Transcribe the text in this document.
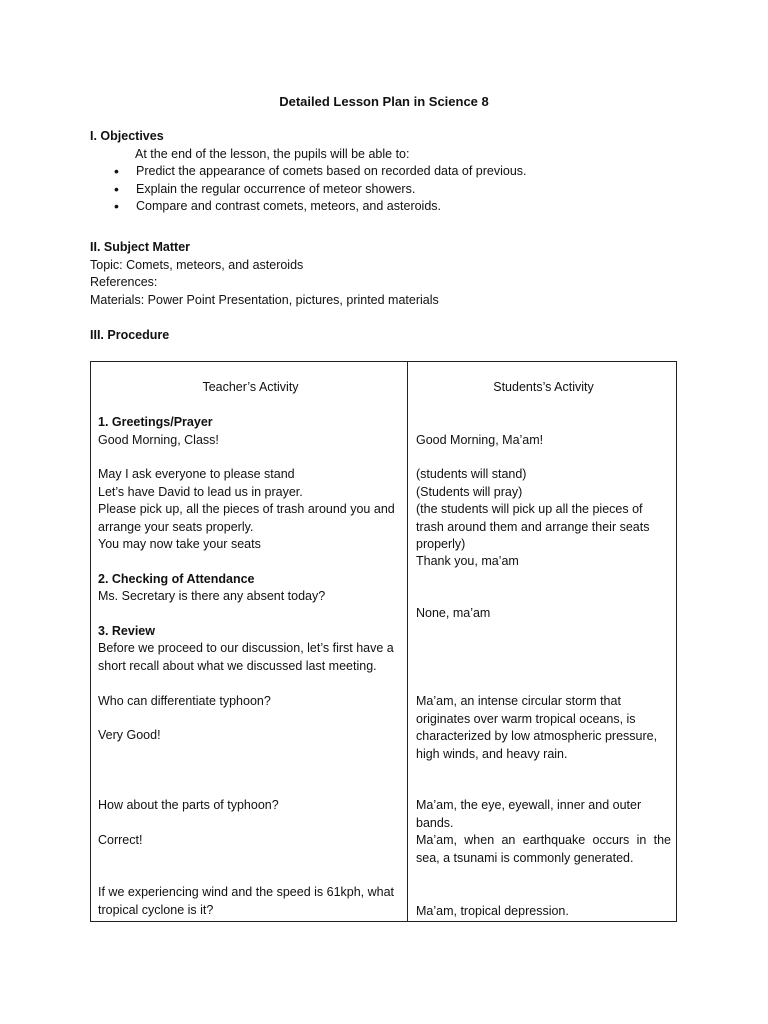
Detailed Lesson Plan in Science 8
I. Objectives
At the end of the lesson, the pupils will be able to:
• Predict the appearance of comets based on recorded data of previous.
• Explain the regular occurrence of meteor showers.
• Compare and contrast comets, meteors, and asteroids.
II. Subject Matter
Topic: Comets, meteors, and asteroids
References:
Materials: Power Point Presentation, pictures, printed materials
III. Procedure
Teacher’s Activity	Students’s Activity
1. Greetings/Prayer
Good Morning, Class!
May I ask everyone to please stand
Let’s have David to lead us in prayer.
Please pick up, all the pieces of trash around you and arrange your seats properly.
You may now take your seats
2. Checking of Attendance
Ms. Secretary is there any absent today?
3. Review
Before we proceed to our discussion, let’s first have a short recall about what we discussed last meeting.
Who can differentiate typhoon?
Very Good!
How about the parts of typhoon?
Correct!
If we experiencing wind and the speed is 61kph, what tropical cyclone is it?
Good Morning, Ma’am!
(students will stand)
(Students will pray)
(the students will pick up all the pieces of trash around them and arrange their seats properly)
Thank you, ma’am
None, ma’am
Ma’am, an intense circular storm that originates over warm tropical oceans, is characterized by low atmospheric pressure, high winds, and heavy rain.
Ma’am, the eye, eyewall, inner and outer bands.
Ma’am, when an earthquake occurs in the sea, a tsunami is commonly generated.
Ma’am, tropical depression.
